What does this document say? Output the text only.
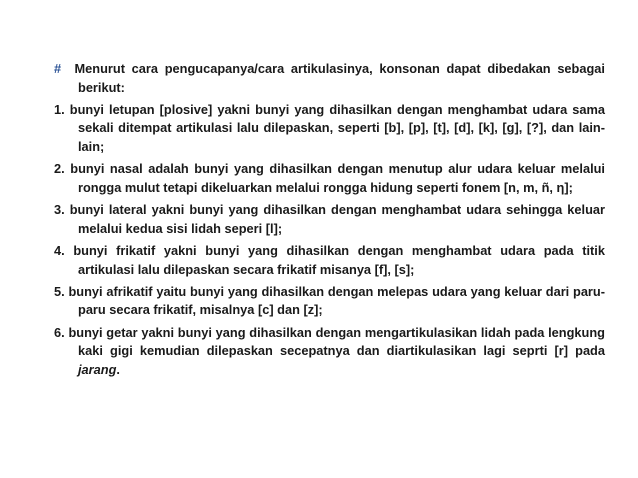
# Menurut cara pengucapanya/cara artikulasinya, konsonan dapat dibedakan sebagai berikut:

1. bunyi letupan [plosive] yakni bunyi yang dihasilkan dengan menghambat udara sama sekali ditempat artikulasi lalu dilepaskan, seperti [b], [p], [t], [d], [k], [g], [?], dan lain-lain;

2. bunyi nasal adalah bunyi yang dihasilkan dengan menutup alur udara keluar melalui rongga mulut tetapi dikeluarkan melalui rongga hidung seperti fonem [n, m, ñ, η];

3. bunyi lateral yakni bunyi yang dihasilkan dengan menghambat udara sehingga keluar melalui kedua sisi lidah seperi [l];

4. bunyi frikatif yakni bunyi yang dihasilkan dengan menghambat udara pada titik artikulasi lalu dilepaskan secara frikatif misanya [f], [s];

5. bunyi afrikatif yaitu bunyi yang dihasilkan dengan melepas udara yang keluar dari paru-paru secara frikatif, misalnya [c] dan [z];

6. bunyi getar yakni bunyi yang dihasilkan dengan mengartikulasikan lidah pada lengkung kaki gigi kemudian dilepaskan secepatnya dan diartikulasikan lagi seprti [r] pada jarang.
